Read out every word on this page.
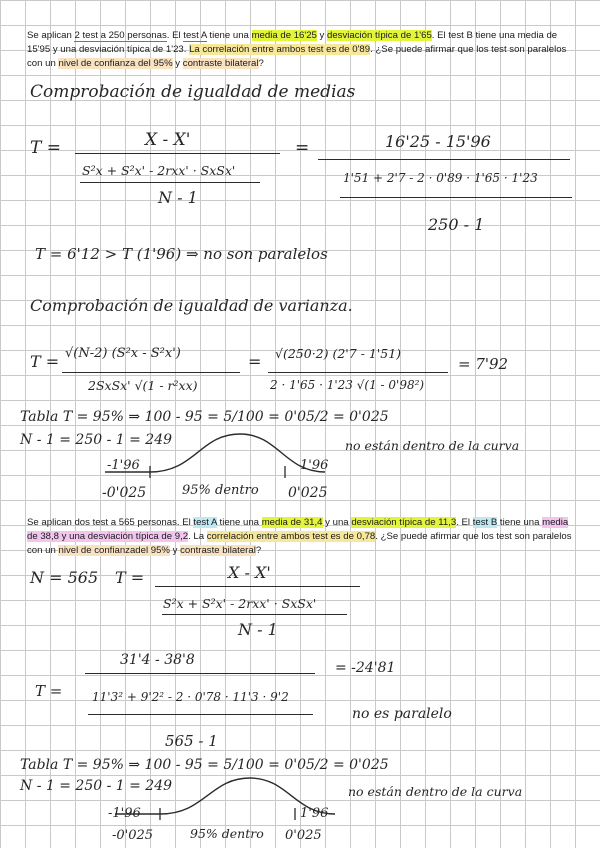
Se aplican 2 test a 250 personas. El test A tiene una media de 16'25 y desviación típica de 1'65. El test B tiene una media de 15'95 y una desviación típica de 1'23. La correlación entre ambos test es de 0'89. ¿Se puede afirmar que los test son paralelos con un nivel de confianza del 95% y contraste bilateral?
Comprobación de igualdad de medias
T =	X - X'
S²x + S²x' - 2rxx' · SxSx'
N - 1
=	16'25 - 15'96
1'51 + 2'7 - 2 · 0'89 · 1'65 · 1'23
250 - 1
T = 6'12 > T (1'96) ⇒ no son paralelos
Comprobación de igualdad de varianza.
T = √(N-2) (S²x - S²x')
2SxSx' √(1 - r²xx)
= √(250·2) (2'7 - 1'51)
2 · 1'65 · 1'23 √(1 - 0'98²)
= 7'92
Tabla T = 95% ⇒ 100 - 95 = 5/100 = 0'05/2 = 0'025
N - 1 = 250 - 1 = 249
-1'96	1'96
-0'025	95% dentro 0'025
no están dentro de la curva
Se aplican dos test a 565 personas. El test A tiene una media de 31,4 y una desviación típica de 11,3. El test B tiene una media de 38,8 y una desviación típica de 9,2. La correlación entre ambos test es de 0,78. ¿Se puede afirmar que los test son paralelos con un nivel de confianzadel 95% y contraste bilateral?
N = 565 T =	X - X'
S²x + S²x' - 2rxx' · SxSx'
N - 1
31'4 - 38'8	= -24'81
T = 11'3² + 9'2² - 2 · 0'78 · 11'3 · 9'2
565 - 1
no es paralelo
Tabla T = 95% ⇒ 100 - 95 = 5/100 = 0'05/2 = 0'025
N - 1 = 250 - 1 = 249
-1'96	1'96
-0'025	95% dentro 0'025
no están dentro de la curva
